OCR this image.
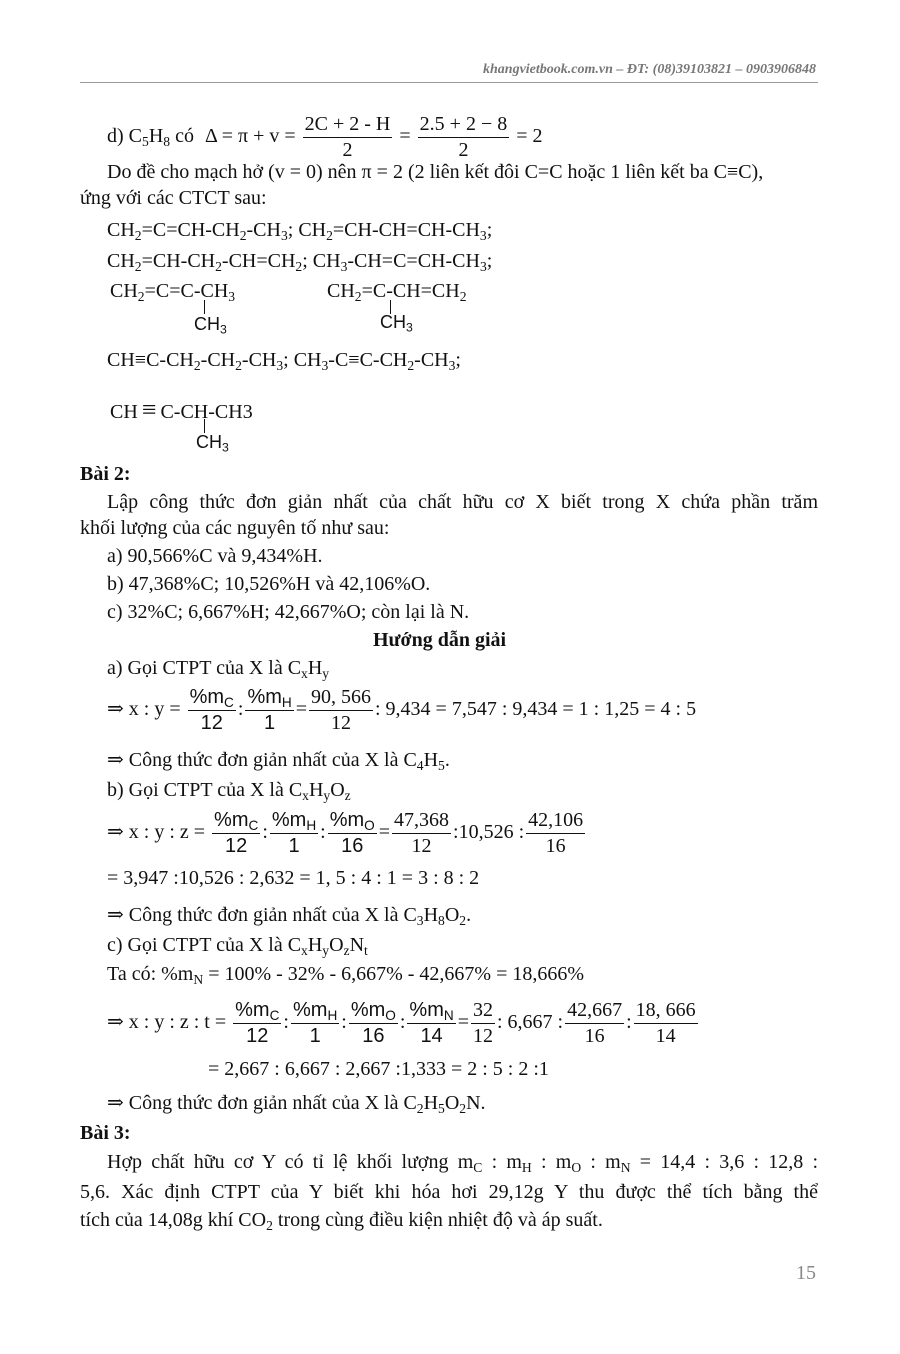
khangvietbook.com.vn – ĐT: (08)39103821 – 0903906848
d) $C_5H_8$ có $\Delta = \pi + v = \frac{2C + 2 - H}{2} = \frac{2.5 + 2 - 8}{2} = 2$
Do đề cho mạch hở (v = 0) nên π = 2 (2 liên kết đôi C=C hoặc 1 liên kết ba C≡C),
ứng với các CTCT sau:
$CH_2=C=CH-CH_2-CH_3$; $CH_2=CH-CH=CH-CH_3$;
$CH_2=CH-CH_2-CH=CH_2$; $CH_3-CH=C=CH-CH_3$;
$CH_2=C=C-CH_3$
$CH_3$
$CH_2=C-CH=CH_2$
$CH_3$
$CH\equiv C-CH_2-CH_2-CH_3$; $CH_3-C\equiv C-CH_2-CH_3$;
CH ≡ C-CH-CH3
$CH_3$
Bài 2:
Lập công thức đơn giản nhất của chất hữu cơ X biết trong X chứa phần trăm
khối lượng của các nguyên tố như sau:
a) 90,566%C và 9,434%H.
b) 47,368%C; 10,526%H và 42,106%O.
c) 32%C; 6,667%H; 42,667%O; còn lại là N.
Hướng dẫn giải
a) Gọi CTPT của X là $C_xH_y$
⇒ x : $y = \frac{\%m_C}{12}$ : $\frac{\%m_H}{1} = \frac{90, 566}{12}$ : 9,434 = 7,547 : 9,434 = 1 : 1,25 = 4 : 5
⇒ Công thức đơn giản nhất của X là $C_4H_5$.
b) Gọi CTPT của X là $C_xH_yO_z$
⇒ x : y : $z = \frac{\%m_C}{12}$ : $\frac{\%m_H}{1}$ : $\frac{\%m_O}{16} = \frac{47,368}{12}$ :10,526 : $\frac{42,106}{16}$
= 3,947 :10,526 : 2,632 = 1, 5 : 4 : 1 = 3 : 8 : 2
⇒ Công thức đơn giản nhất của X là $C_3H_8O_2$.
c) Gọi CTPT của X là $C_xH_yO_zN_t$
Ta có: $\%m_N = 100\% - 32\% - 6,667\% - 42,667\% = 18,666\%$
⇒ x : y : z : $t = \frac{\%m_C}{12}$ : $\frac{\%m_H}{1}$ : $\frac{\%m_O}{16}$ : $\frac{\%m_N}{14} = \frac{32}{12}$ : 6,667 : $\frac{42,667}{16}$ : $\frac{18, 666}{14}$
= 2,667 : 6,667 : 2,667 :1,333 = 2 : 5 : 2 :1
⇒ Công thức đơn giản nhất của X là $C_2H_5O_2N$.
Bài 3:
Hợp chất hữu cơ Y có tỉ lệ khối lượng $m_C$ : $m_H$ : $m_O$ : $m_N = 14,4$ : 3,6 : 12,8 :
5,6. Xác định CTPT của Y biết khi hóa hơi 29,12g Y thu được thể tích bằng thể
tích của 14,08g khí $CO_2$ trong cùng điều kiện nhiệt độ và áp suất.
15
